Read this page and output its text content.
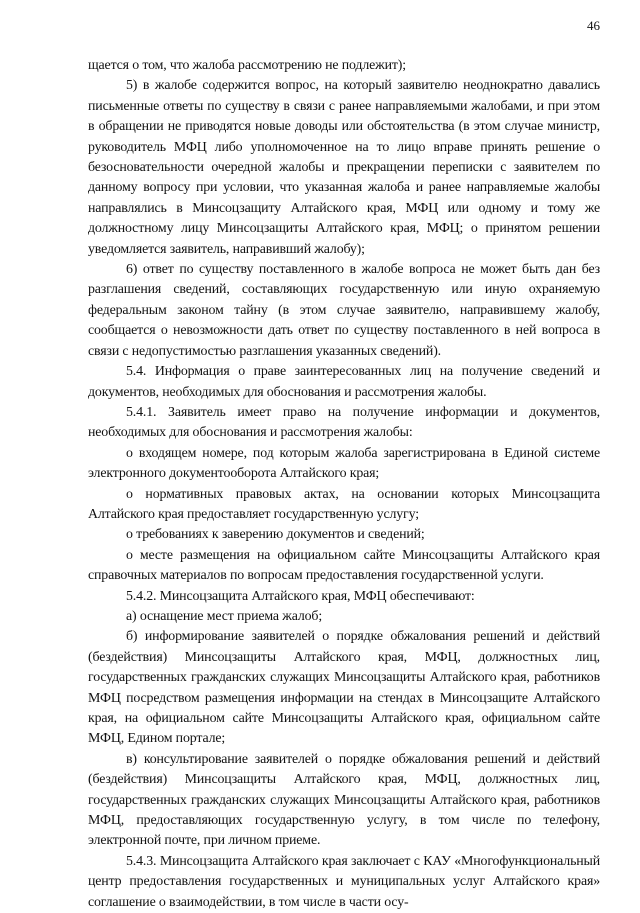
46

щается о том, что жалоба рассмотрению не подлежит);

5) в жалобе содержится вопрос, на который заявителю неоднократно давались письменные ответы по существу в связи с ранее направляемыми жалобами, и при этом в обращении не приводятся новые доводы или обстоятельства (в этом случае министр, руководитель МФЦ либо уполномоченное на то лицо вправе принять решение о безосновательности очередной жалобы и прекращении переписки с заявителем по данному вопросу при условии, что указанная жалоба и ранее направляемые жалобы направлялись в Минсоцзащиту Алтайского края, МФЦ или одному и тому же должностному лицу Минсоцзащиты Алтайского края, МФЦ; о принятом решении уведомляется заявитель, направивший жалобу);

6) ответ по существу поставленного в жалобе вопроса не может быть дан без разглашения сведений, составляющих государственную или иную охраняемую федеральным законом тайну (в этом случае заявителю, направившему жалобу, сообщается о невозможности дать ответ по существу поставленного в ней вопроса в связи с недопустимостью разглашения указанных сведений).

5.4. Информация о праве заинтересованных лиц на получение сведений и документов, необходимых для обоснования и рассмотрения жалобы.

5.4.1. Заявитель имеет право на получение информации и документов, необходимых для обоснования и рассмотрения жалобы:

о входящем номере, под которым жалоба зарегистрирована в Единой системе электронного документооборота Алтайского края;

о нормативных правовых актах, на основании которых Минсоцзащита Алтайского края предоставляет государственную услугу;

о требованиях к заверению документов и сведений;

о месте размещения на официальном сайте Минсоцзащиты Алтайского края справочных материалов по вопросам предоставления государственной услуги.

5.4.2. Минсоцзащита Алтайского края, МФЦ обеспечивают:

а) оснащение мест приема жалоб;

б) информирование заявителей о порядке обжалования решений и действий (бездействия) Минсоцзащиты Алтайского края, МФЦ, должностных лиц, государственных гражданских служащих Минсоцзащиты Алтайского края, работников МФЦ посредством размещения информации на стендах в Минсоцзащите Алтайского края, на официальном сайте Минсоцзащиты Алтайского края, официальном сайте МФЦ, Едином портале;

в) консультирование заявителей о порядке обжалования решений и действий (бездействия) Минсоцзащиты Алтайского края, МФЦ, должностных лиц, государственных гражданских служащих Минсоцзащиты Алтайского края, работников МФЦ, предоставляющих государственную услугу, в том числе по телефону, электронной почте, при личном приеме.

5.4.3. Минсоцзащита Алтайского края заключает с КАУ «Многофункциональный центр предоставления государственных и муниципальных услуг Алтайского края» соглашение о взаимодействии, в том числе в части осу-
